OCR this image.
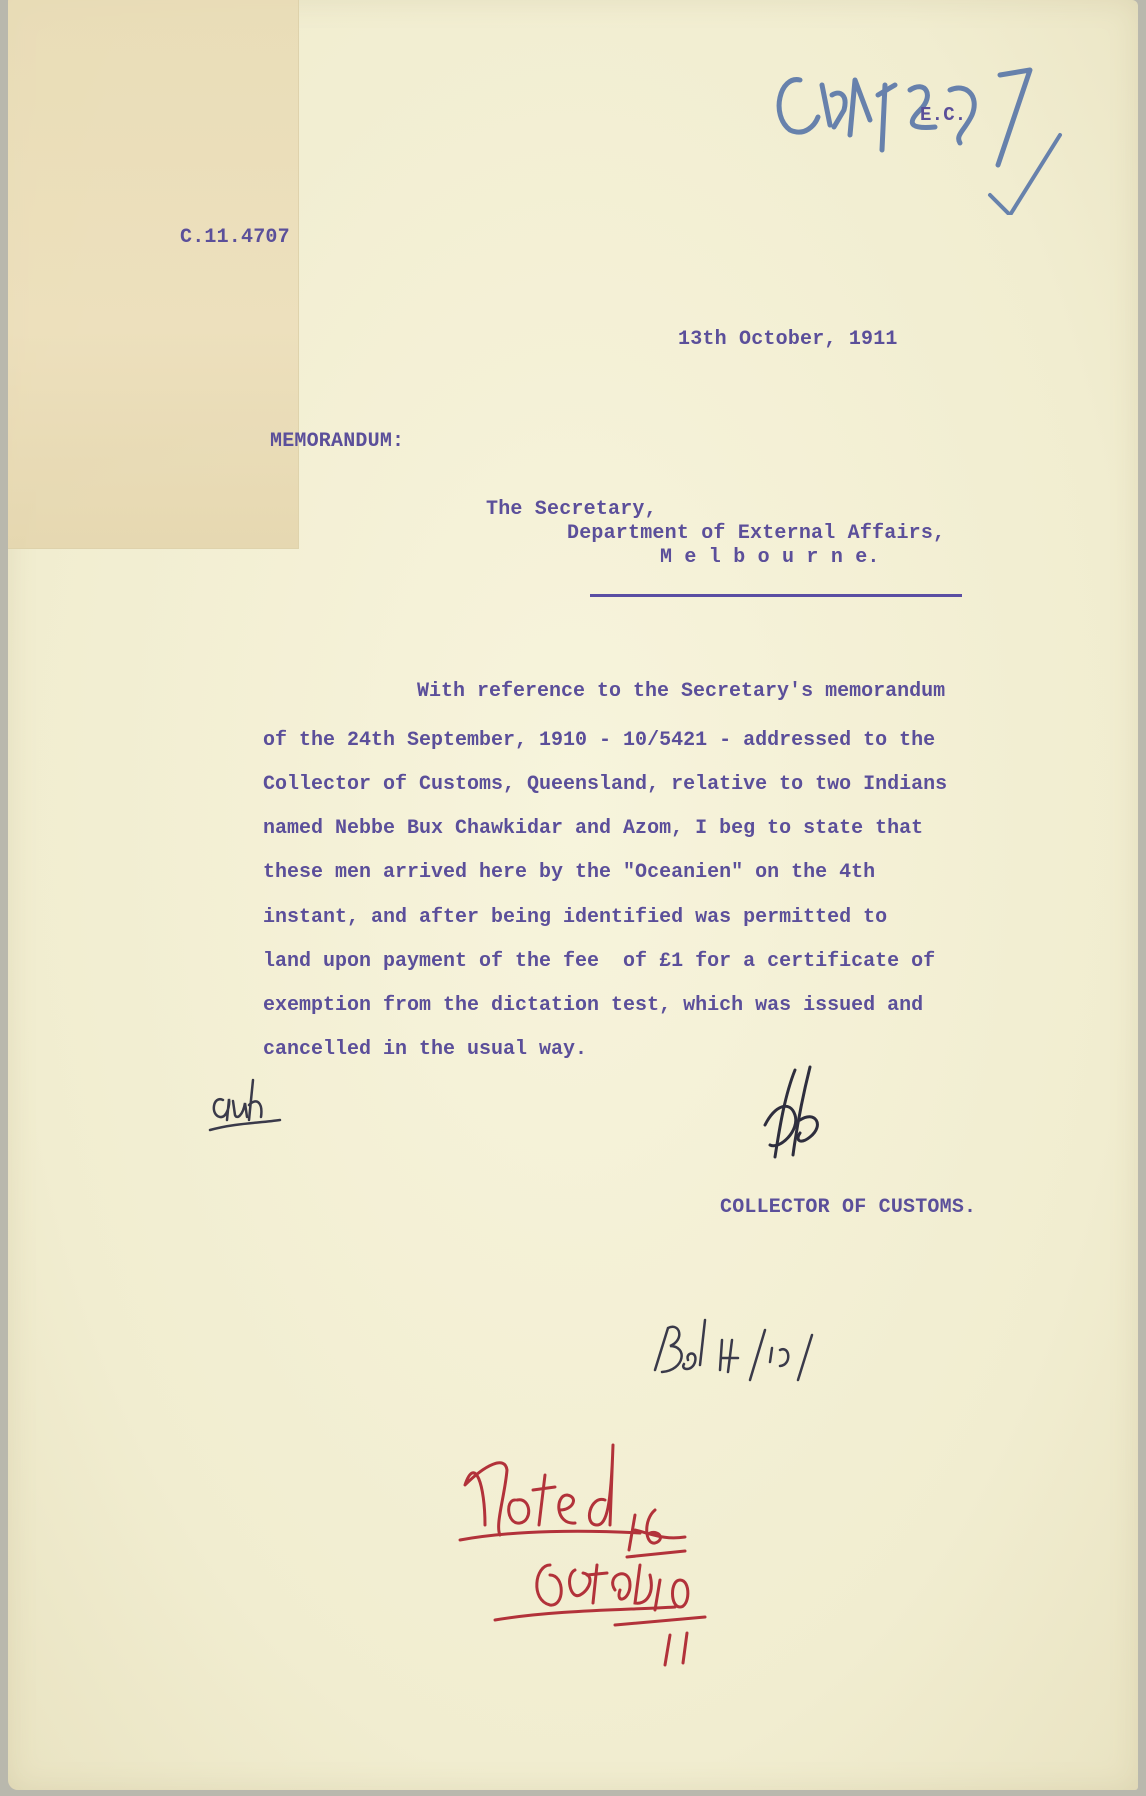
E.C.
C.11.4707
13th October, 1911
MEMORANDUM:
The Secretary,
Department of External Affairs,
M e l b o u r n e.
With reference to the Secretary's memorandum
of the 24th September, 1910 - 10/5421 - addressed to the
Collector of Customs, Queensland, relative to two Indians
named Nebbe Bux Chawkidar and Azom, I beg to state that
these men arrived here by the "Oceanien" on the 4th
instant, and after being identified was permitted to
land upon payment of the fee  of £1 for a certificate of
exemption from the dictation test, which was issued and
cancelled in the usual way.
COLLECTOR OF CUSTOMS.
